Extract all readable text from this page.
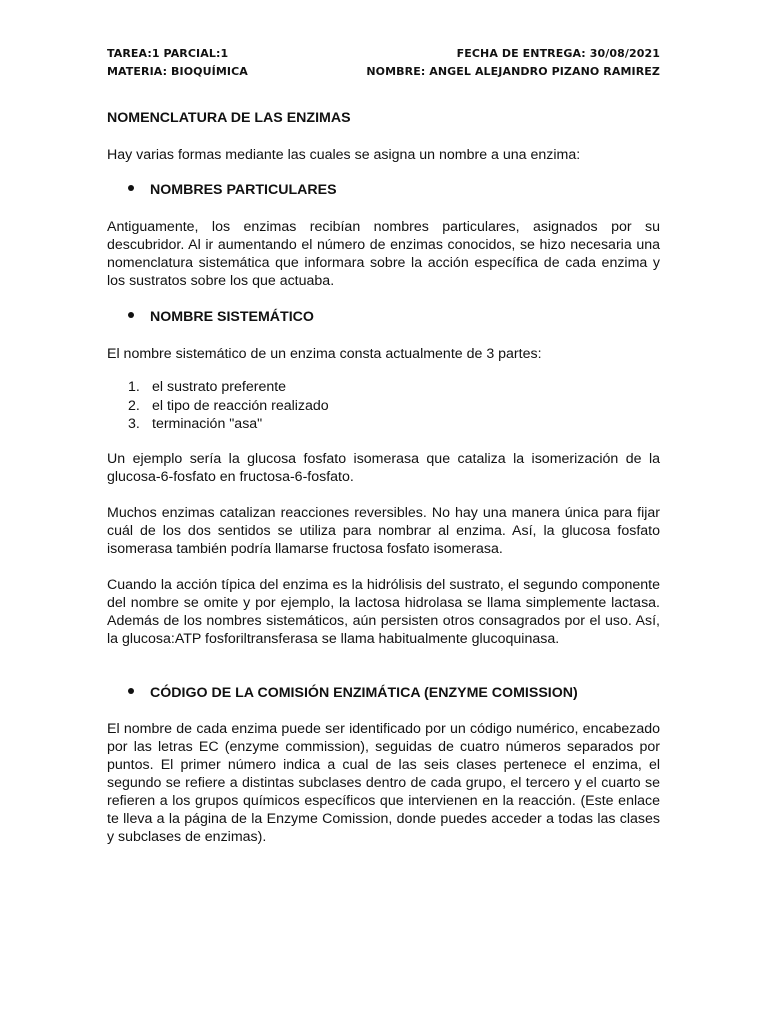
TAREA:1 PARCIAL:1
MATERIA: BIOQUÍMICA
FECHA DE ENTREGA: 30/08/2021
NOMBRE: ANGEL ALEJANDRO PIZANO RAMIREZ
NOMENCLATURA DE LAS ENZIMAS
Hay varias formas mediante las cuales se asigna un nombre a una enzima:
NOMBRES PARTICULARES
Antiguamente, los enzimas recibían nombres particulares, asignados por su descubridor. Al ir aumentando el número de enzimas conocidos, se hizo necesaria una nomenclatura sistemática que informara sobre la acción específica de cada enzima y los sustratos sobre los que actuaba.
NOMBRE SISTEMÁTICO
El nombre sistemático de un enzima consta actualmente de 3 partes:
1. el sustrato preferente
2. el tipo de reacción realizado
3. terminación "asa"
Un ejemplo sería la glucosa fosfato isomerasa que cataliza la isomerización de la glucosa-6-fosfato en fructosa-6-fosfato.
Muchos enzimas catalizan reacciones reversibles. No hay una manera única para fijar cuál de los dos sentidos se utiliza para nombrar al enzima. Así, la glucosa fosfato isomerasa también podría llamarse fructosa fosfato isomerasa.
Cuando la acción típica del enzima es la hidrólisis del sustrato, el segundo componente del nombre se omite y por ejemplo, la lactosa hidrolasa se llama simplemente lactasa. Además de los nombres sistemáticos, aún persisten otros consagrados por el uso. Así, la glucosa:ATP fosforiltransferasa se llama habitualmente glucoquinasa.
CÓDIGO DE LA COMISIÓN ENZIMÁTICA (ENZYME COMISSION)
El nombre de cada enzima puede ser identificado por un código numérico, encabezado por las letras EC (enzyme commission), seguidas de cuatro números separados por puntos. El primer número indica a cual de las seis clases pertenece el enzima, el segundo se refiere a distintas subclases dentro de cada grupo, el tercero y el cuarto se refieren a los grupos químicos específicos que intervienen en la reacción. (Este enlace te lleva a la página de la Enzyme Comission, donde puedes acceder a todas las clases y subclases de enzimas).
